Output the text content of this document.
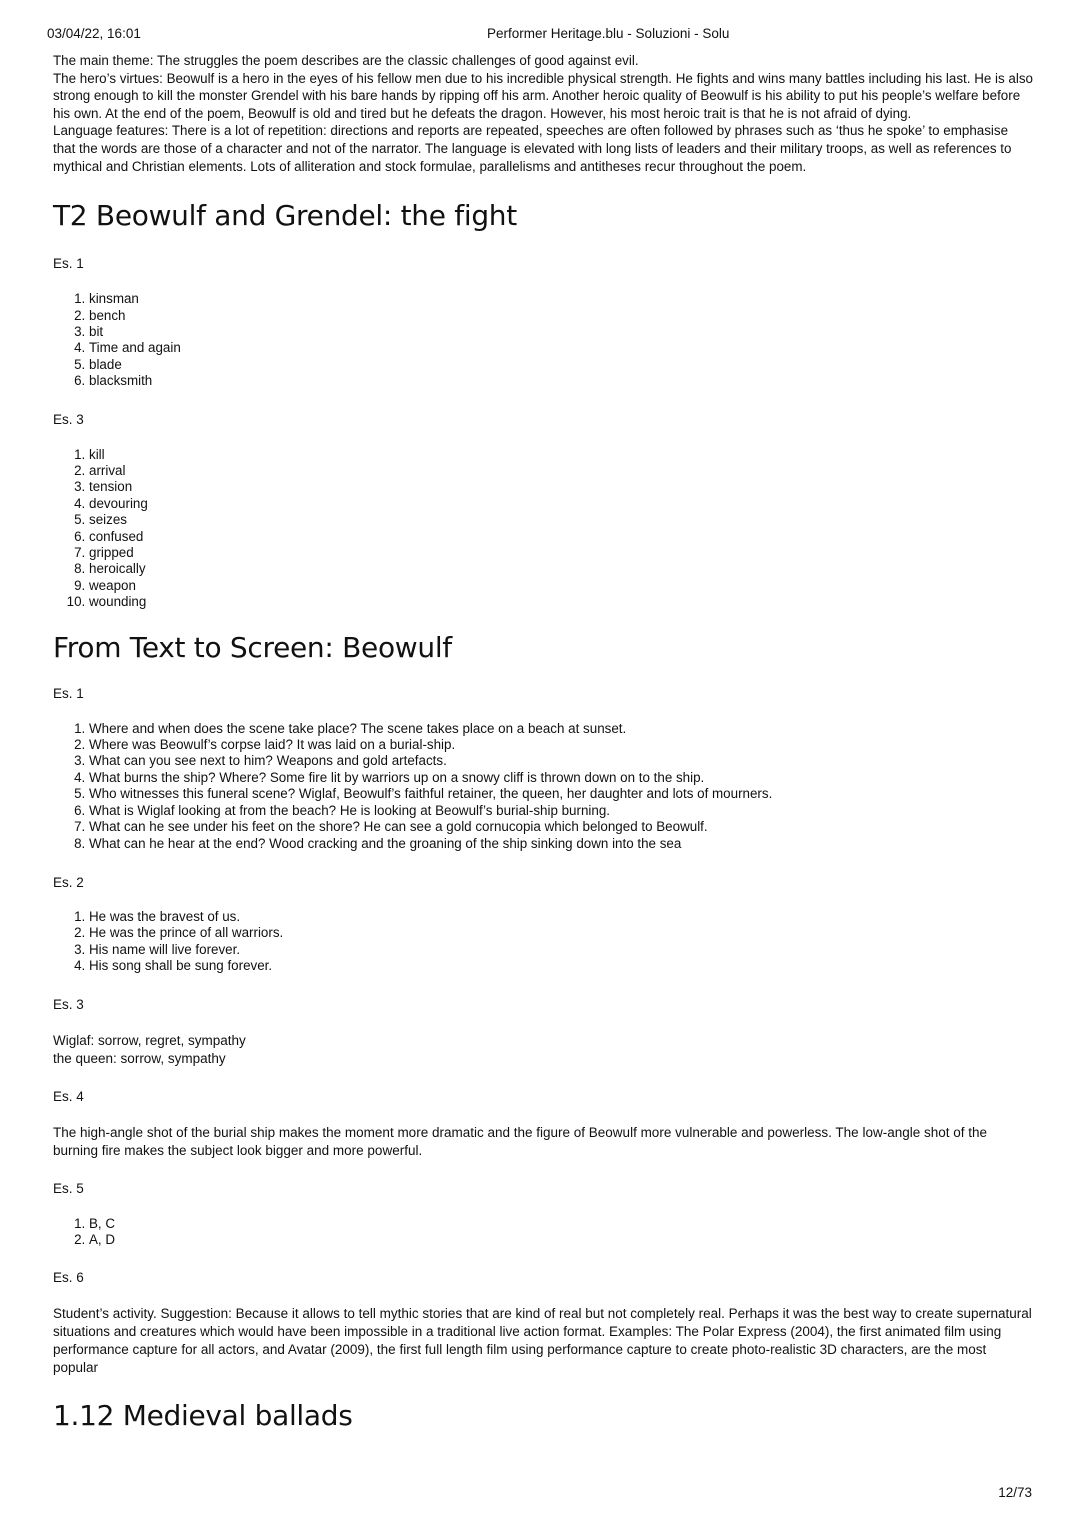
03/04/22, 16:01	Performer Heritage.blu - Soluzioni - Solu

The main theme: The struggles the poem describes are the classic challenges of good against evil.

The hero’s virtues: Beowulf is a hero in the eyes of his fellow men due to his incredible physical strength. He fights and wins many battles including his last. He is also strong enough to kill the monster Grendel with his bare hands by ripping off his arm. Another heroic quality of Beowulf is his ability to put his people’s welfare before his own. At the end of the poem, Beowulf is old and tired but he defeats the dragon. However, his most heroic trait is that he is not afraid of dying.

Language features: There is a lot of repetition: directions and reports are repeated, speeches are often followed by phrases such as ‘thus he spoke’ to emphasise that the words are those of a character and not of the narrator. The language is elevated with long lists of leaders and their military troops, as well as references to mythical and Christian elements. Lots of alliteration and stock formulae, parallelisms and antitheses recur throughout the poem.

T2 Beowulf and Grendel: the fight

Es. 1

1. kinsman
2. bench
3. bit
4. Time and again
5. blade
6. blacksmith

Es. 3

1. kill
2. arrival
3. tension
4. devouring
5. seizes
6. confused
7. gripped
8. heroically
9. weapon
10. wounding
From Text to Screen: Beowulf

Es. 1

1. Where and when does the scene take place? The scene takes place on a beach at sunset.
2. Where was Beowulf’s corpse laid? It was laid on a burial-ship.
3. What can you see next to him? Weapons and gold artefacts.
4. What burns the ship? Where? Some fire lit by warriors up on a snowy cliff is thrown down on to the ship.
5. Who witnesses this funeral scene? Wiglaf, Beowulf’s faithful retainer, the queen, her daughter and lots of mourners.
6. What is Wiglaf looking at from the beach? He is looking at Beowulf’s burial-ship burning.
7. What can he see under his feet on the shore? He can see a gold cornucopia which belonged to Beowulf.
8. What can he hear at the end? Wood cracking and the groaning of the ship sinking down into the sea

Es. 2

1. He was the bravest of us.
2. He was the prince of all warriors.
3. His name will live forever.
4. His song shall be sung forever.

Es. 3

Wiglaf: sorrow, regret, sympathy

the queen: sorrow, sympathy

Es. 4

The high-angle shot of the burial ship makes the moment more dramatic and the figure of Beowulf more vulnerable and powerless. The low-angle shot of the burning fire makes the subject look bigger and more powerful.

Es. 5

1. B, C
2. A, D

Es. 6

Student’s activity. Suggestion: Because it allows to tell mythic stories that are kind of real but not completely real. Perhaps it was the best way to create supernatural situations and creatures which would have been impossible in a traditional live action format. Examples: The Polar Express (2004), the first animated film using performance capture for all actors, and Avatar (2009), the first full length film using performance capture to create photo-realistic 3D characters, are the most popular

1.12 Medieval ballads
12/73
